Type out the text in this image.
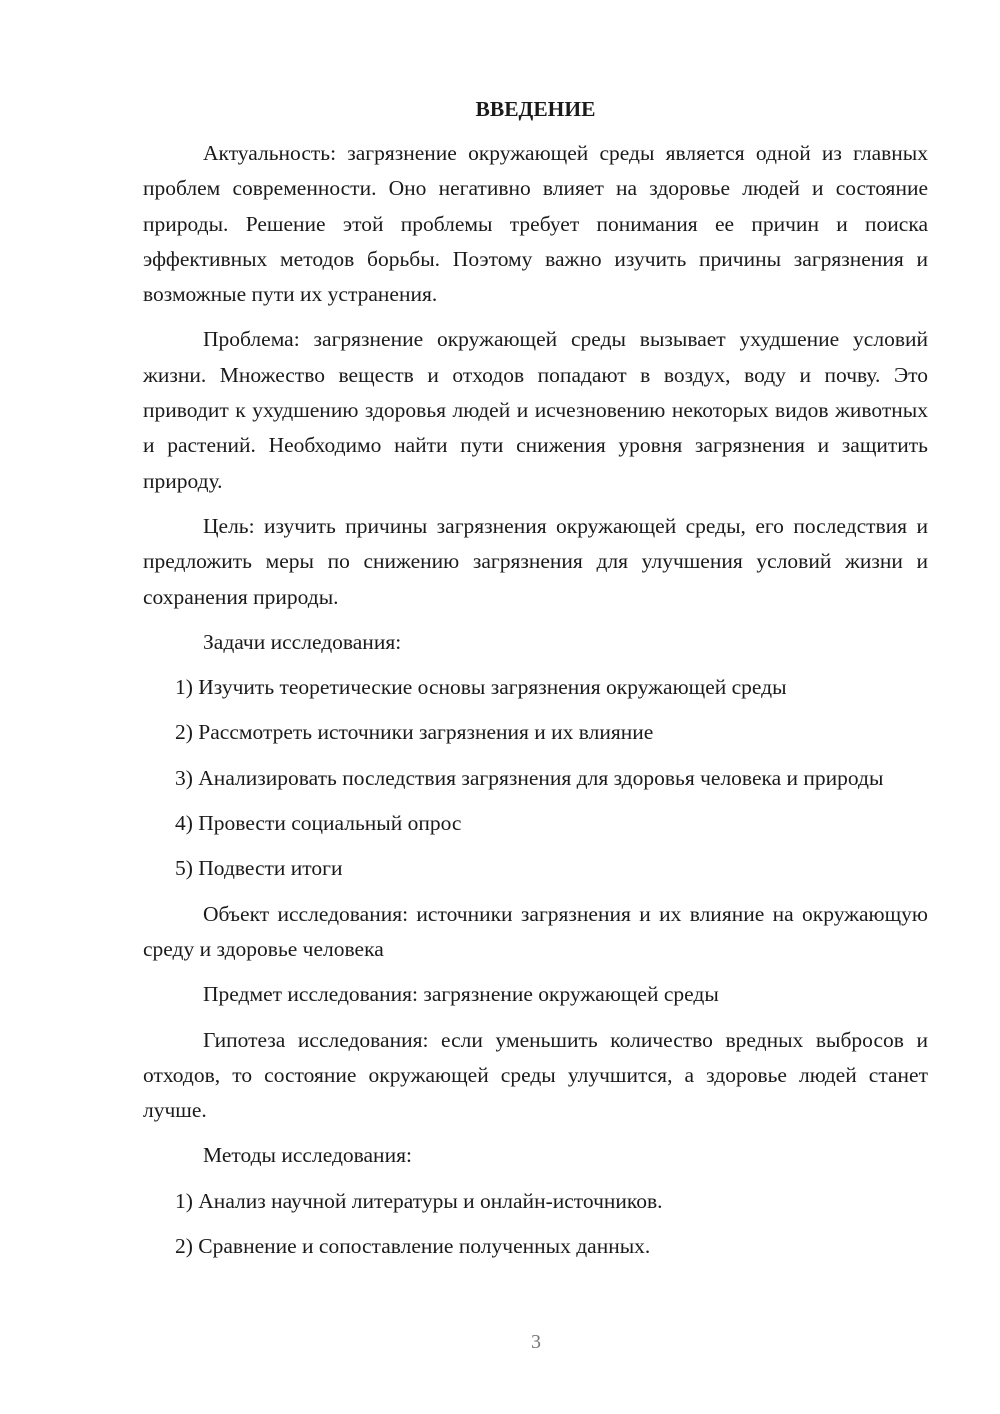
ВВЕДЕНИЕ

Актуальность: загрязнение окружающей среды является одной из главных проблем современности. Оно негативно влияет на здоровье людей и состояние природы. Решение этой проблемы требует понимания ее причин и поиска эффективных методов борьбы. Поэтому важно изучить причины загрязнения и возможные пути их устранения.

Проблема: загрязнение окружающей среды вызывает ухудшение условий жизни. Множество веществ и отходов попадают в воздух, воду и почву. Это приводит к ухудшению здоровья людей и исчезновению некоторых видов животных и растений. Необходимо найти пути снижения уровня загрязнения и защитить природу.

Цель: изучить причины загрязнения окружающей среды, его последствия и предложить меры по снижению загрязнения для улучшения условий жизни и сохранения природы.

Задачи исследования:

1) Изучить теоретические основы загрязнения окружающей среды

2) Рассмотреть источники загрязнения и их влияние

3) Анализировать последствия загрязнения для здоровья человека и природы

4) Провести социальный опрос

5) Подвести итоги

Объект исследования: источники загрязнения и их влияние на окружающую среду и здоровье человека

Предмет исследования: загрязнение окружающей среды

Гипотеза исследования: если уменьшить количество вредных выбросов и отходов, то состояние окружающей среды улучшится, а здоровье людей станет лучше.

Методы исследования:

1) Анализ научной литературы и онлайн-источников.

2) Сравнение и сопоставление полученных данных.

3
